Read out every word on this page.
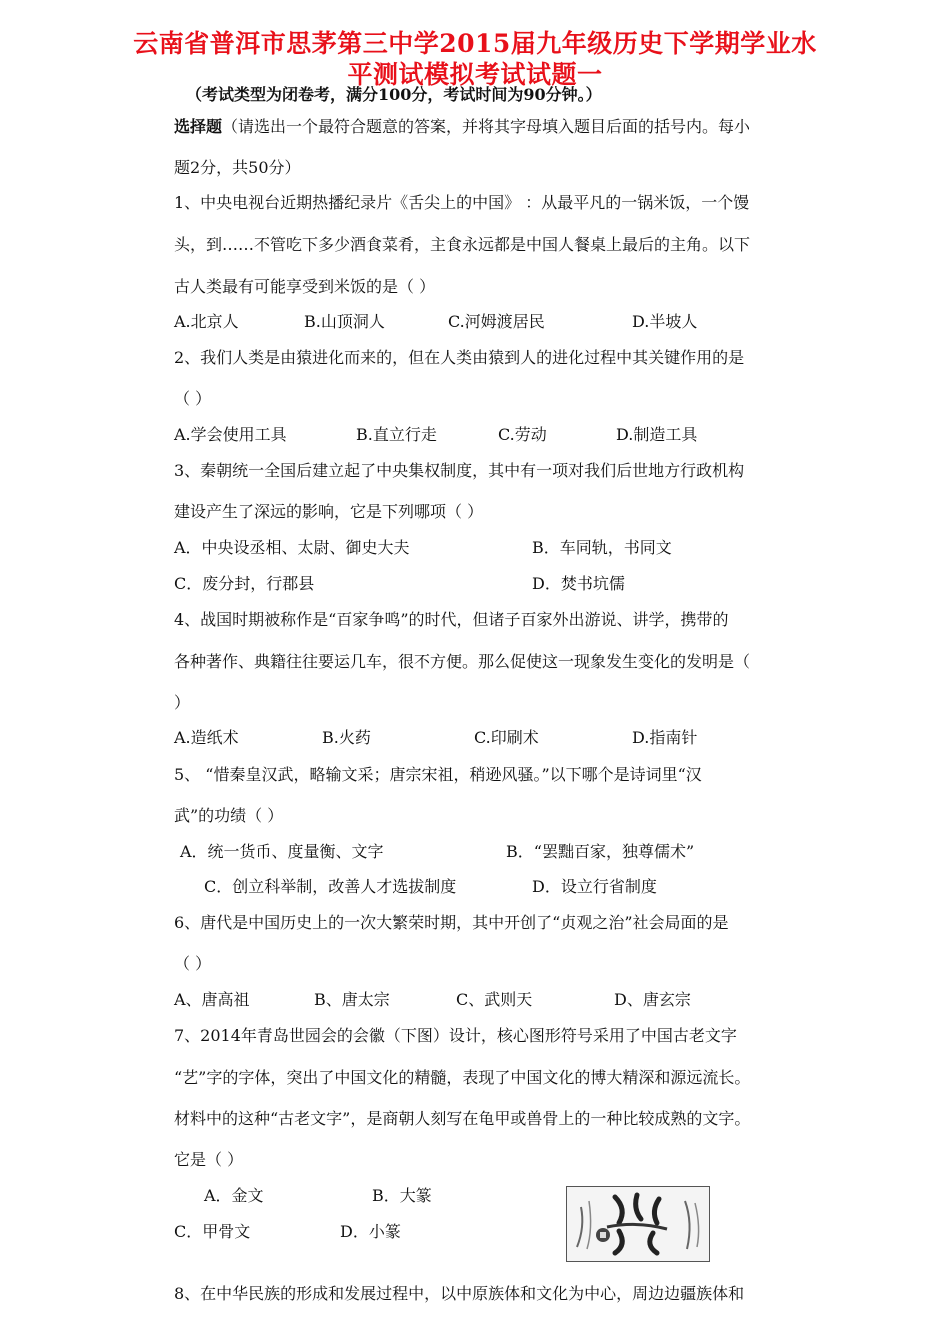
云南省普洱市思茅第三中学2015届九年级历史下学期学业水
平测试模拟考试试题一
（考试类型为闭卷考，满分100分，考试时间为90分钟。）
选择题（请选出一个最符合题意的答案，并将其字母填入题目后面的括号内。每小
题2分，共50分）
1、中央电视台近期热播纪录片《舌尖上的中国》 ：从最平凡的一锅米饭，一个馒
头，到……不管吃下多少酒食菜肴，主食永远都是中国人餐桌上最后的主角。以下
古人类最有可能享受到米饭的是（ ）
A.北京人	B.山顶洞人	C.河姆渡居民	D.半坡人
2、我们人类是由猿进化而来的，但在人类由猿到人的进化过程中其关键作用的是
（ ）
A.学会使用工具	B.直立行走	C.劳动	D.制造工具
3、秦朝统一全国后建立起了中央集权制度，其中有一项对我们后世地方行政机构
建设产生了深远的影响，它是下列哪项（ ）
A．中央设丞相、太尉、御史大夫	B．车同轨，书同文
C．废分封，行郡县	D．焚书坑儒
4、战国时期被称作是“百家争鸣”的时代，但诸子百家外出游说、讲学，携带的
各种著作、典籍往往要运几车，很不方便。那么促使这一现象发生变化的发明是（
）
A.造纸术	B.火药	C.印刷术	D.指南针
5、 “惜秦皇汉武，略输文采；唐宗宋祖，稍逊风骚。”以下哪个是诗词里“汉
武”的功绩（ ）
A．统一货币、度量衡、文字	B．“罢黜百家，独尊儒术”
C．创立科举制，改善人才选拔制度	D．设立行省制度
6、唐代是中国历史上的一次大繁荣时期，其中开创了“贞观之治”社会局面的是
（ ）
A、唐高祖	B、唐太宗	C、武则天	D、唐玄宗
7、2014年青岛世园会的会徽（下图）设计，核心图形符号采用了中国古老文字
“艺”字的字体，突出了中国文化的精髓，表现了中国文化的博大精深和源远流长。
材料中的这种“古老文字”，是商朝人刻写在龟甲或兽骨上的一种比较成熟的文字。
它是（ ）
A．金文	B．大篆
C．甲骨文	D．小篆
8、在中华民族的形成和发展过程中，以中原族体和文化为中心，周边边疆族体和
